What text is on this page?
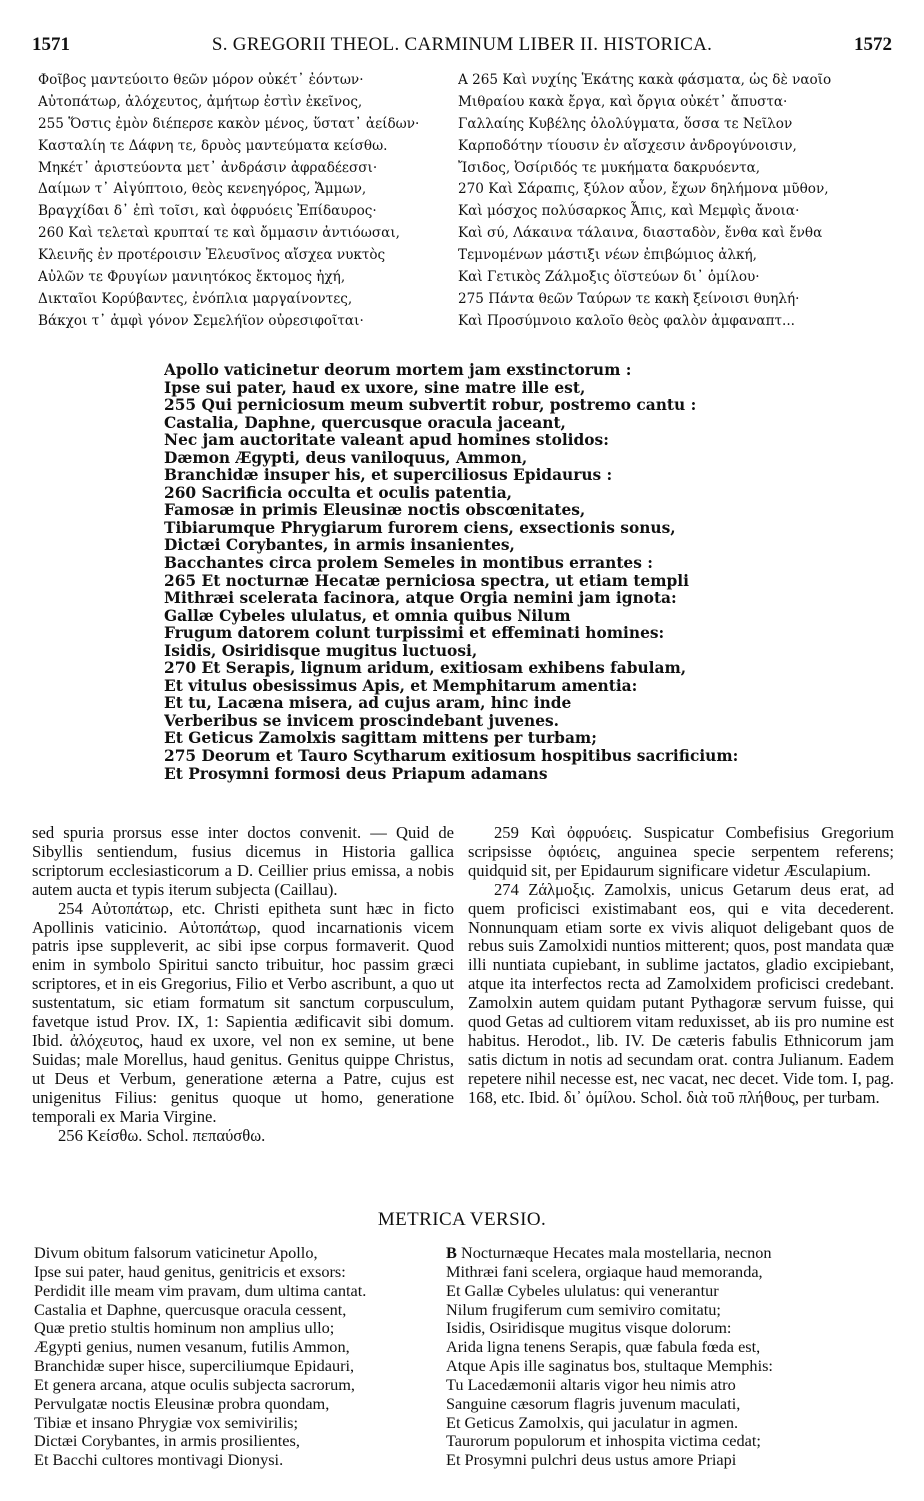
1571	S. GREGORII THEOL. CARMINUM LIBER II. HISTORICA.	1572
Φοῖβος μαντεύοιτο θεῶν μόρον οὐκέτ᾽ ἐόντων·
Αὐτοπάτωρ, ἀλόχευτος, ἀμήτωρ ἐστὶν ἐκεῖνος,
255 Ὅστις ἐμὸν διέπερσε κακὸν μένος, ὕστατ᾽ ἀείδων·
Κασταλίη τε Δάφνη τε, δρυὸς μαντεύματα κείσθω.
Μηκέτ᾽ ἀριστεύοντα μετ᾽ ἀνδράσιν ἀφραδέεσσι·
Δαίμων τ᾽ Αἰγύπτοιο, θεὸς κενεηγόρος, Ἄμμων,
Βραγχίδαι δ᾽ ἐπὶ τοῖσι, καὶ ὀφρυόεις Ἐπίδαυρος·
260 Καὶ τελεταὶ κρυπταί τε καὶ ὄμμασιν ἀντιόωσαι,
Κλεινῆς ἐν προτέροισιν Ἐλευσῖνος αἴσχεα νυκτὸς
Αὐλῶν τε Φρυγίων μανιητόκος ἔκτομος ἠχή,
Δικταῖοι Κορύβαντες, ἐνόπλια μαργαίνοντες,
Βάκχοι τ᾽ ἀμφὶ γόνον Σεμελήϊον οὐρεσιφοῖται·
A 265 Καὶ νυχίης Ἑκάτης κακὰ φάσματα, ὡς δὲ ναοῖο
Μιθραίου κακὰ ἔργα, καὶ ὄργια οὐκέτ᾽ ἄπυστα·
Γαλλαίης Κυβέλης ὀλολύγματα, ὅσσα τε Νεῖλον
Καρποδότην τίουσιν ἐν αἴσχεσιν ἀνδρογύνοισιν,
Ἴσιδος, Ὀσίριδός τε μυκήματα δακρυόεντα,
270 Καὶ Σάραπις, ξύλον αὖον, ἔχων δηλήμονα μῦθον,
Καὶ μόσχος πολύσαρκος Ἆπις, καὶ Μεμφὶς ἄνοια·
Καὶ σύ, Λάκαινα τάλαινα, διασταδὸν, ἔνθα καὶ ἔνθα
Τεμνομένων μάστιξι νέων ἐπιβώμιος ἀλκή,
Καὶ Γετικὸς Ζάλμοξις ὀϊστεύων δι᾽ ὁμίλου·
275 Πάντα θεῶν Ταύρων τε κακὴ ξείνοισι θυηλή·
Καὶ Προσύμνοιο καλοῖο θεὸς φαλὸν ἀμφαναπτ...
Apollo vaticinetur deorum mortem jam exstinctorum :
Ipse sui pater, haud ex uxore, sine matre ille est,
255 Qui perniciosum meum subvertit robur, postremo cantu :
Castalia, Daphne, quercusque oracula jaceant,
Nec jam auctoritate valeant apud homines stolidos:
Dæmon Ægypti, deus vaniloquus, Ammon,
Branchidæ insuper his, et superciliosus Epidaurus :
260 Sacrificia occulta et oculis patentia,
Famosæ in primis Eleusinæ noctis obscœnitates,
Tibiarumque Phrygiarum furorem ciens, exsectionis sonus,
Dictæi Corybantes, in armis insanientes,
Bacchantes circa prolem Semeles in montibus errantes :
265 Et nocturnæ Hecatæ perniciosa spectra, ut etiam templi
Mithræi scelerata facinora, atque Orgia nemini jam ignota:
Gallæ Cybeles ululatus, et omnia quibus Nilum
Frugum datorem colunt turpissimi et effeminati homines:
Isidis, Osiridisque mugitus luctuosi,
270 Et Serapis, lignum aridum, exitiosam exhibens fabulam,
Et vitulus obesissimus Apis, et Memphitarum amentia:
Et tu, Lacæna misera, ad cujus aram, hinc inde
Verberibus se invicem proscindebant juvenes.
Et Geticus Zamolxis sagittam mittens per turbam;
275 Deorum et Tauro Scytharum exitiosum hospitibus sacrificium:
Et Prosymni formosi deus Priapum adamans

sed spuria prorsus esse inter doctos convenit. — Quid de Sibyllis sentiendum, fusius dicemus in Historia gallica scriptorum ecclesiasticorum a D. Ceillier prius emissa, a nobis autem aucta et typis iterum subjecta (Caillau).

254 Αὐτοπάτωρ, etc. Christi epitheta sunt hæc in ficto Apollinis vaticinio. Αὐτοπάτωρ, quod incarnationis vicem patris ipse suppleverit, ac sibi ipse corpus formaverit. Quod enim in symbolo Spiritui sancto tribuitur, hoc passim græci scriptores, et in eis Gregorius, Filio et Verbo ascribunt, a quo ut sustentatum, sic etiam formatum sit sanctum corpusculum, favetque istud Prov. IX, 1: Sapientia ædificavit sibi domum. Ibid. ἀλόχευτος, haud ex uxore, vel non ex semine, ut bene Suidas; male Morellus, haud genitus. Genitus quippe Christus, ut Deus et Verbum, generatione æterna a Patre, cujus est unigenitus Filius: genitus quoque ut homo, generatione temporali ex Maria Virgine.

256 Κείσθω. Schol. πεπαύσθω.

259 Καὶ ὀφρυόεις. Suspicatur Combefisius Gregorium scripsisse ὀφιόεις, anguinea specie serpentem referens; quidquid sit, per Epidaurum significare videtur Æsculapium.

274 Ζάλμοξις. Zamolxis, unicus Getarum deus erat, ad quem proficisci existimabant eos, qui e vita decederent. Nonnunquam etiam sorte ex vivis aliquot deligebant quos de rebus suis Zamolxidi nuntios mitterent; quos, post mandata quæ illi nuntiata cupiebant, in sublime jactatos, gladio excipiebant, atque ita interfectos recta ad Zamolxidem proficisci credebant. Zamolxin autem quidam putant Pythagoræ servum fuisse, qui quod Getas ad cultiorem vitam reduxisset, ab iis pro numine est habitus. Herodot., lib. IV. De cæteris fabulis Ethnicorum jam satis dictum in notis ad secundam orat. contra Julianum. Eadem repetere nihil necesse est, nec vacat, nec decet. Vide tom. I, pag. 168, etc. Ibid. δι᾽ ὁμίλου. Schol. διὰ τοῦ πλήθους, per turbam.

METRICA VERSIO.
Divum obitum falsorum vaticinetur Apollo,
Ipse sui pater, haud genitus, genitricis et exsors:
Perdidit ille meam vim pravam, dum ultima cantat.
Castalia et Daphne, quercusque oracula cessent,
Quæ pretio stultis hominum non amplius ullo;
Ægypti genius, numen vesanum, futilis Ammon,
Branchidæ super hisce, superciliumque Epidauri,
Et genera arcana, atque oculis subjecta sacrorum,
Pervulgatæ noctis Eleusinæ probra quondam,
Tibiæ et insano Phrygiæ vox semivirilis;
Dictæi Corybantes, in armis prosilientes,
Et Bacchi cultores montivagi Dionysi.
B Nocturnæque Hecates mala mostellaria, necnon
Mithræi fani scelera, orgiaque haud memoranda,
Et Gallæ Cybeles ululatus: qui venerantur
Nilum frugiferum cum semiviro comitatu;
Isidis, Osiridisque mugitus visque dolorum:
Arida ligna tenens Serapis, quæ fabula fœda est,
Atque Apis ille saginatus bos, stultaque Memphis:
Tu Lacedæmonii altaris vigor heu nimis atro
Sanguine cæsorum flagris juvenum maculati,
Et Geticus Zamolxis, qui jaculatur in agmen.
Taurorum populorum et inhospita victima cedat;
Et Prosymni pulchri deus ustus amore Priapi
